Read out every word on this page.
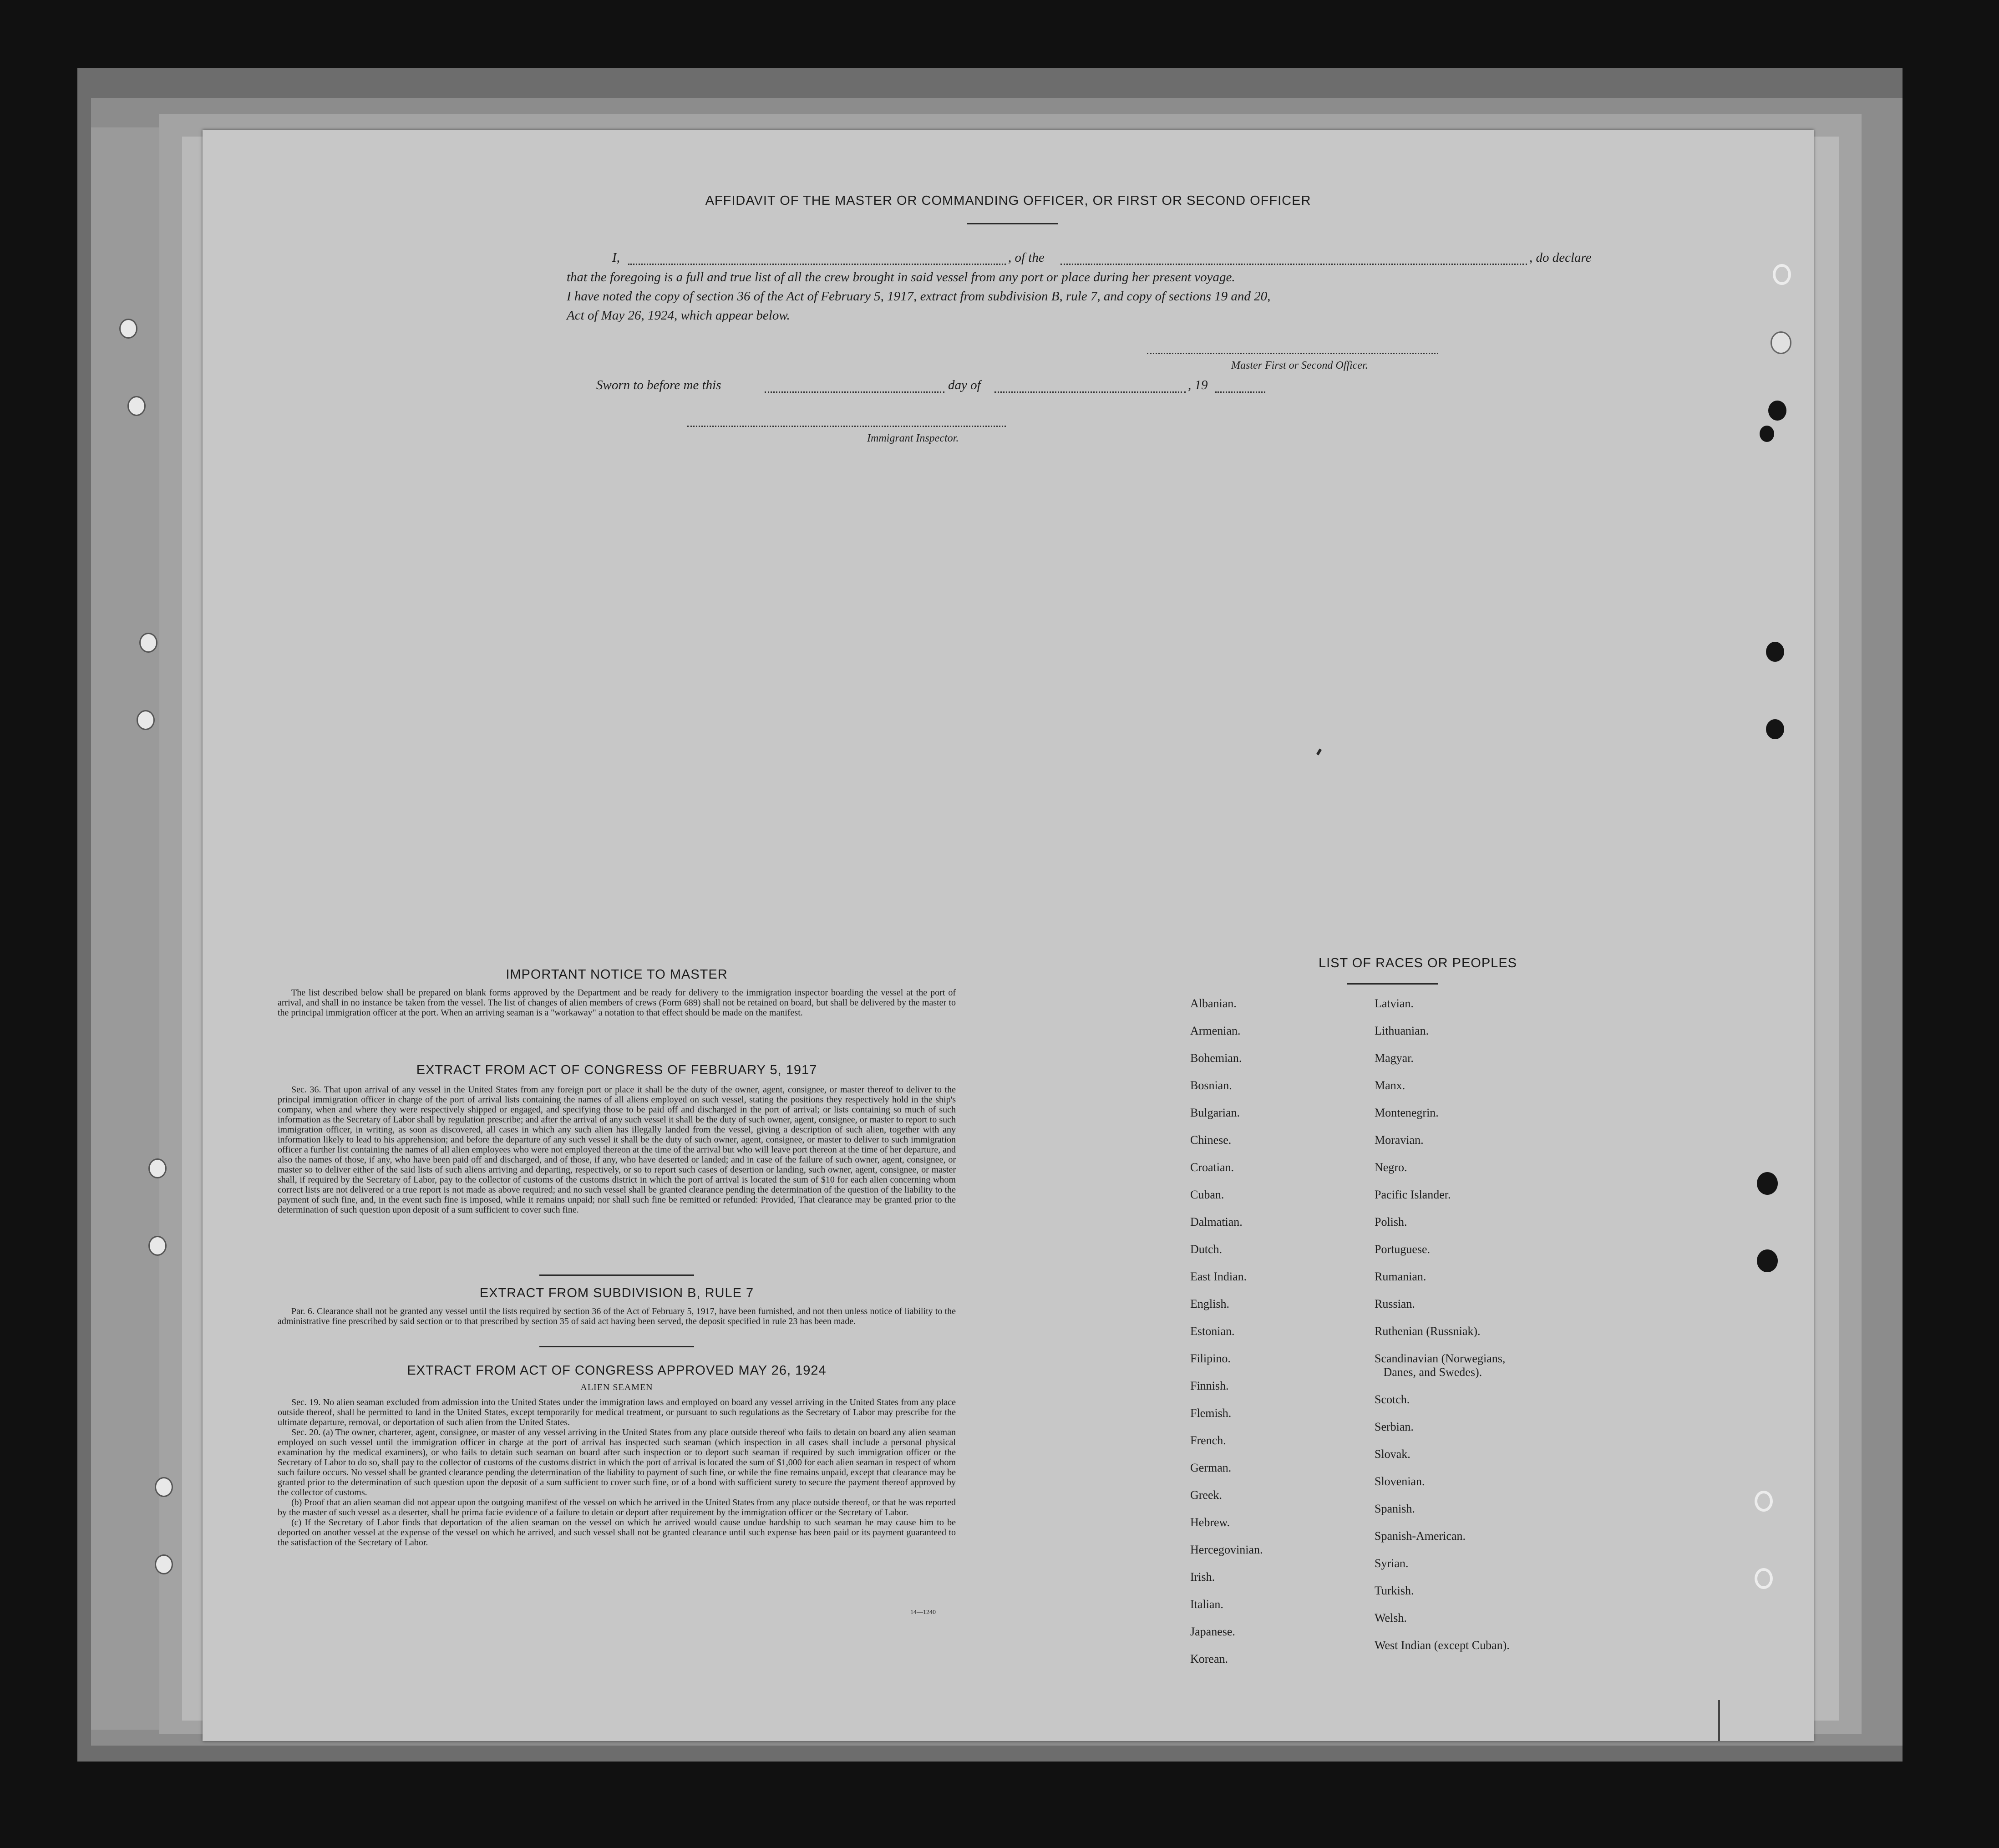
AFFIDAVIT OF THE MASTER OR COMMANDING OFFICER, OR FIRST OR SECOND OFFICER
I,	, of the	, do declare
that the foregoing is a full and true list of all the crew brought in said vessel from any port or place during her present voyage.
I have noted the copy of section 36 of the Act of February 5, 1917, extract from subdivision B, rule 7, and copy of sections 19 and 20,
Act of May 26, 1924, which appear below.
Master First or Second Officer.
Sworn to before me this	day of	, 19
Immigrant Inspector.
IMPORTANT NOTICE TO MASTER
The list described below shall be prepared on blank forms approved by the Department and be ready for delivery to the immigration inspector boarding the vessel at the port of arrival, and shall in no instance be taken from the vessel. The list of changes of alien members of crews (Form 689) shall not be retained on board, but shall be delivered by the master to the principal immigration officer at the port. When an arriving seaman is a "workaway" a notation to that effect should be made on the manifest.
EXTRACT FROM ACT OF CONGRESS OF FEBRUARY 5, 1917
Sec. 36. That upon arrival of any vessel in the United States from any foreign port or place it shall be the duty of the owner, agent, consignee, or master thereof to deliver to the principal immigration officer in charge of the port of arrival lists containing the names of all aliens employed on such vessel, stating the positions they respectively hold in the ship's company, when and where they were respectively shipped or engaged, and specifying those to be paid off and discharged in the port of arrival; or lists containing so much of such information as the Secretary of Labor shall by regulation prescribe; and after the arrival of any such vessel it shall be the duty of such owner, agent, consignee, or master to report to such immigration officer, in writing, as soon as discovered, all cases in which any such alien has illegally landed from the vessel, giving a description of such alien, together with any information likely to lead to his apprehension; and before the departure of any such vessel it shall be the duty of such owner, agent, consignee, or master to deliver to such immigration officer a further list containing the names of all alien employees who were not employed thereon at the time of the arrival but who will leave port thereon at the time of her departure, and also the names of those, if any, who have been paid off and discharged, and of those, if any, who have deserted or landed; and in case of the failure of such owner, agent, consignee, or master so to deliver either of the said lists of such aliens arriving and departing, respectively, or so to report such cases of desertion or landing, such owner, agent, consignee, or master shall, if required by the Secretary of Labor, pay to the collector of customs of the customs district in which the port of arrival is located the sum of $10 for each alien concerning whom correct lists are not delivered or a true report is not made as above required; and no such vessel shall be granted clearance pending the determination of the question of the liability to the payment of such fine, and, in the event such fine is imposed, while it remains unpaid; nor shall such fine be remitted or refunded: Provided, That clearance may be granted prior to the determination of such question upon deposit of a sum sufficient to cover such fine.
EXTRACT FROM SUBDIVISION B, RULE 7
Par. 6. Clearance shall not be granted any vessel until the lists required by section 36 of the Act of February 5, 1917, have been furnished, and not then unless notice of liability to the administrative fine prescribed by said section or to that prescribed by section 35 of said act having been served, the deposit specified in rule 23 has been made.
EXTRACT FROM ACT OF CONGRESS APPROVED MAY 26, 1924
ALIEN SEAMEN

Sec. 19. No alien seaman excluded from admission into the United States under the immigration laws and employed on board any vessel arriving in the United States from any place outside thereof, shall be permitted to land in the United States, except temporarily for medical treatment, or pursuant to such regulations as the Secretary of Labor may prescribe for the ultimate departure, removal, or deportation of such alien from the United States.

Sec. 20. (a) The owner, charterer, agent, consignee, or master of any vessel arriving in the United States from any place outside thereof who fails to detain on board any alien seaman employed on such vessel until the immigration officer in charge at the port of arrival has inspected such seaman (which inspection in all cases shall include a personal physical examination by the medical examiners), or who fails to detain such seaman on board after such inspection or to deport such seaman if required by such immigration officer or the Secretary of Labor to do so, shall pay to the collector of customs of the customs district in which the port of arrival is located the sum of $1,000 for each alien seaman in respect of whom such failure occurs. No vessel shall be granted clearance pending the determination of the liability to payment of such fine, or while the fine remains unpaid, except that clearance may be granted prior to the determination of such question upon the deposit of a sum sufficient to cover such fine, or of a bond with sufficient surety to secure the payment thereof approved by the collector of customs.

(b) Proof that an alien seaman did not appear upon the outgoing manifest of the vessel on which he arrived in the United States from any place outside thereof, or that he was reported by the master of such vessel as a deserter, shall be prima facie evidence of a failure to detain or deport after requirement by the immigration officer or the Secretary of Labor.

(c) If the Secretary of Labor finds that deportation of the alien seaman on the vessel on which he arrived would cause undue hardship to such seaman he may cause him to be deported on another vessel at the expense of the vessel on which he arrived, and such vessel shall not be granted clearance until such expense has been paid or its payment guaranteed to the satisfaction of the Secretary of Labor.

14—1240
LIST OF RACES OR PEOPLES
Albanian.
Armenian.
Bohemian.
Bosnian.
Bulgarian.
Chinese.
Croatian.
Cuban.
Dalmatian.
Dutch.
East Indian.
English.
Estonian.
Filipino.
Finnish.
Flemish.
French.
German.
Greek.
Hebrew.
Hercegovinian.
Irish.
Italian.
Japanese.
Korean.
Latvian.
Lithuanian.
Magyar.
Manx.
Montenegrin.
Moravian.
Negro.
Pacific Islander.
Polish.
Portuguese.
Rumanian.
Russian.
Ruthenian (Russniak).
Scandinavian (Norwegians,
Danes, and Swedes).
Scotch.
Serbian.
Slovak.
Slovenian.
Spanish.
Spanish-American.
Syrian.
Turkish.
Welsh.
West Indian (except Cuban).
